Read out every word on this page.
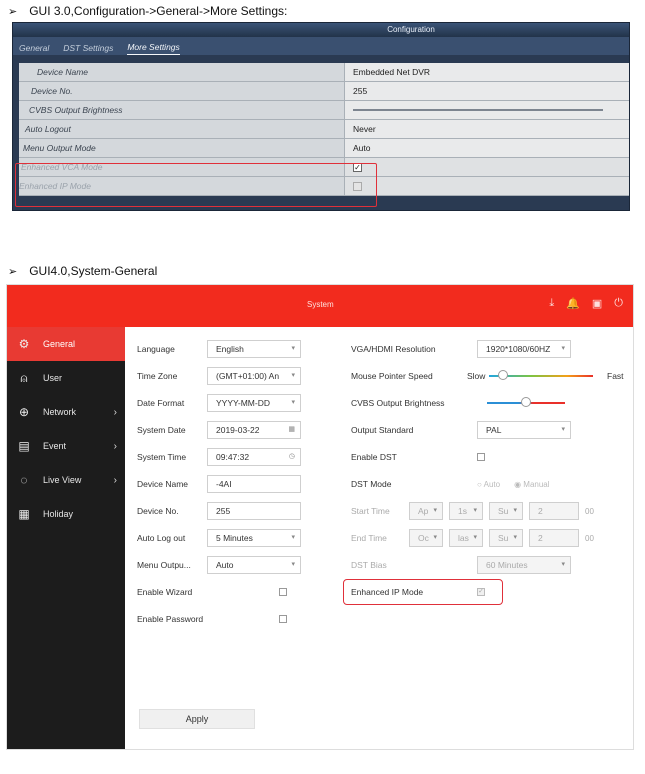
➢ GUI 3.0,Configuration->General->More Settings:
➢ GUI4.0,System-General
Configuration
General DST Settings More Settings
Device Name	Embedded Net DVR
Device No.	255
CVBS Output Brightness
Auto Logout	Never
Menu Output Mode	Auto
Enhanced VCA Mode	✓
Enhanced IP Mode
System	⤓ 🔔 ▣ ⏻
⚙	General
⍝	User
⊕	Network	›
▤	Event	›
◌	Live View	›
▦	Holiday
Language	English	▾
Time Zone	(GMT+01:00) An ▾
Date Format	YYYY-MM-DD	▾
System Date	2019-03-22	▦
System Time	09:47:32	◷
Device Name	-4AI
Device No.	255
Auto Log out	5 Minutes	▾
Menu Outpu...	Auto	▾
Enable Wizard
Enable Password
VGA/HDMI Resolution	1920*1080/60HZ ▾
Mouse Pointer Speed	Slow	Fast
CVBS Output Brightness
Output Standard	PAL	▾
Enable DST
DST Mode	○ Auto ◉ Manual
Start Time	Ap ▾ 1s ▾ Su ▾	2	00
End Time	Oc ▾ las ▾ Su ▾	2	00
DST Bias	60 Minutes	▾
Enhanced IP Mode	✓
Apply
